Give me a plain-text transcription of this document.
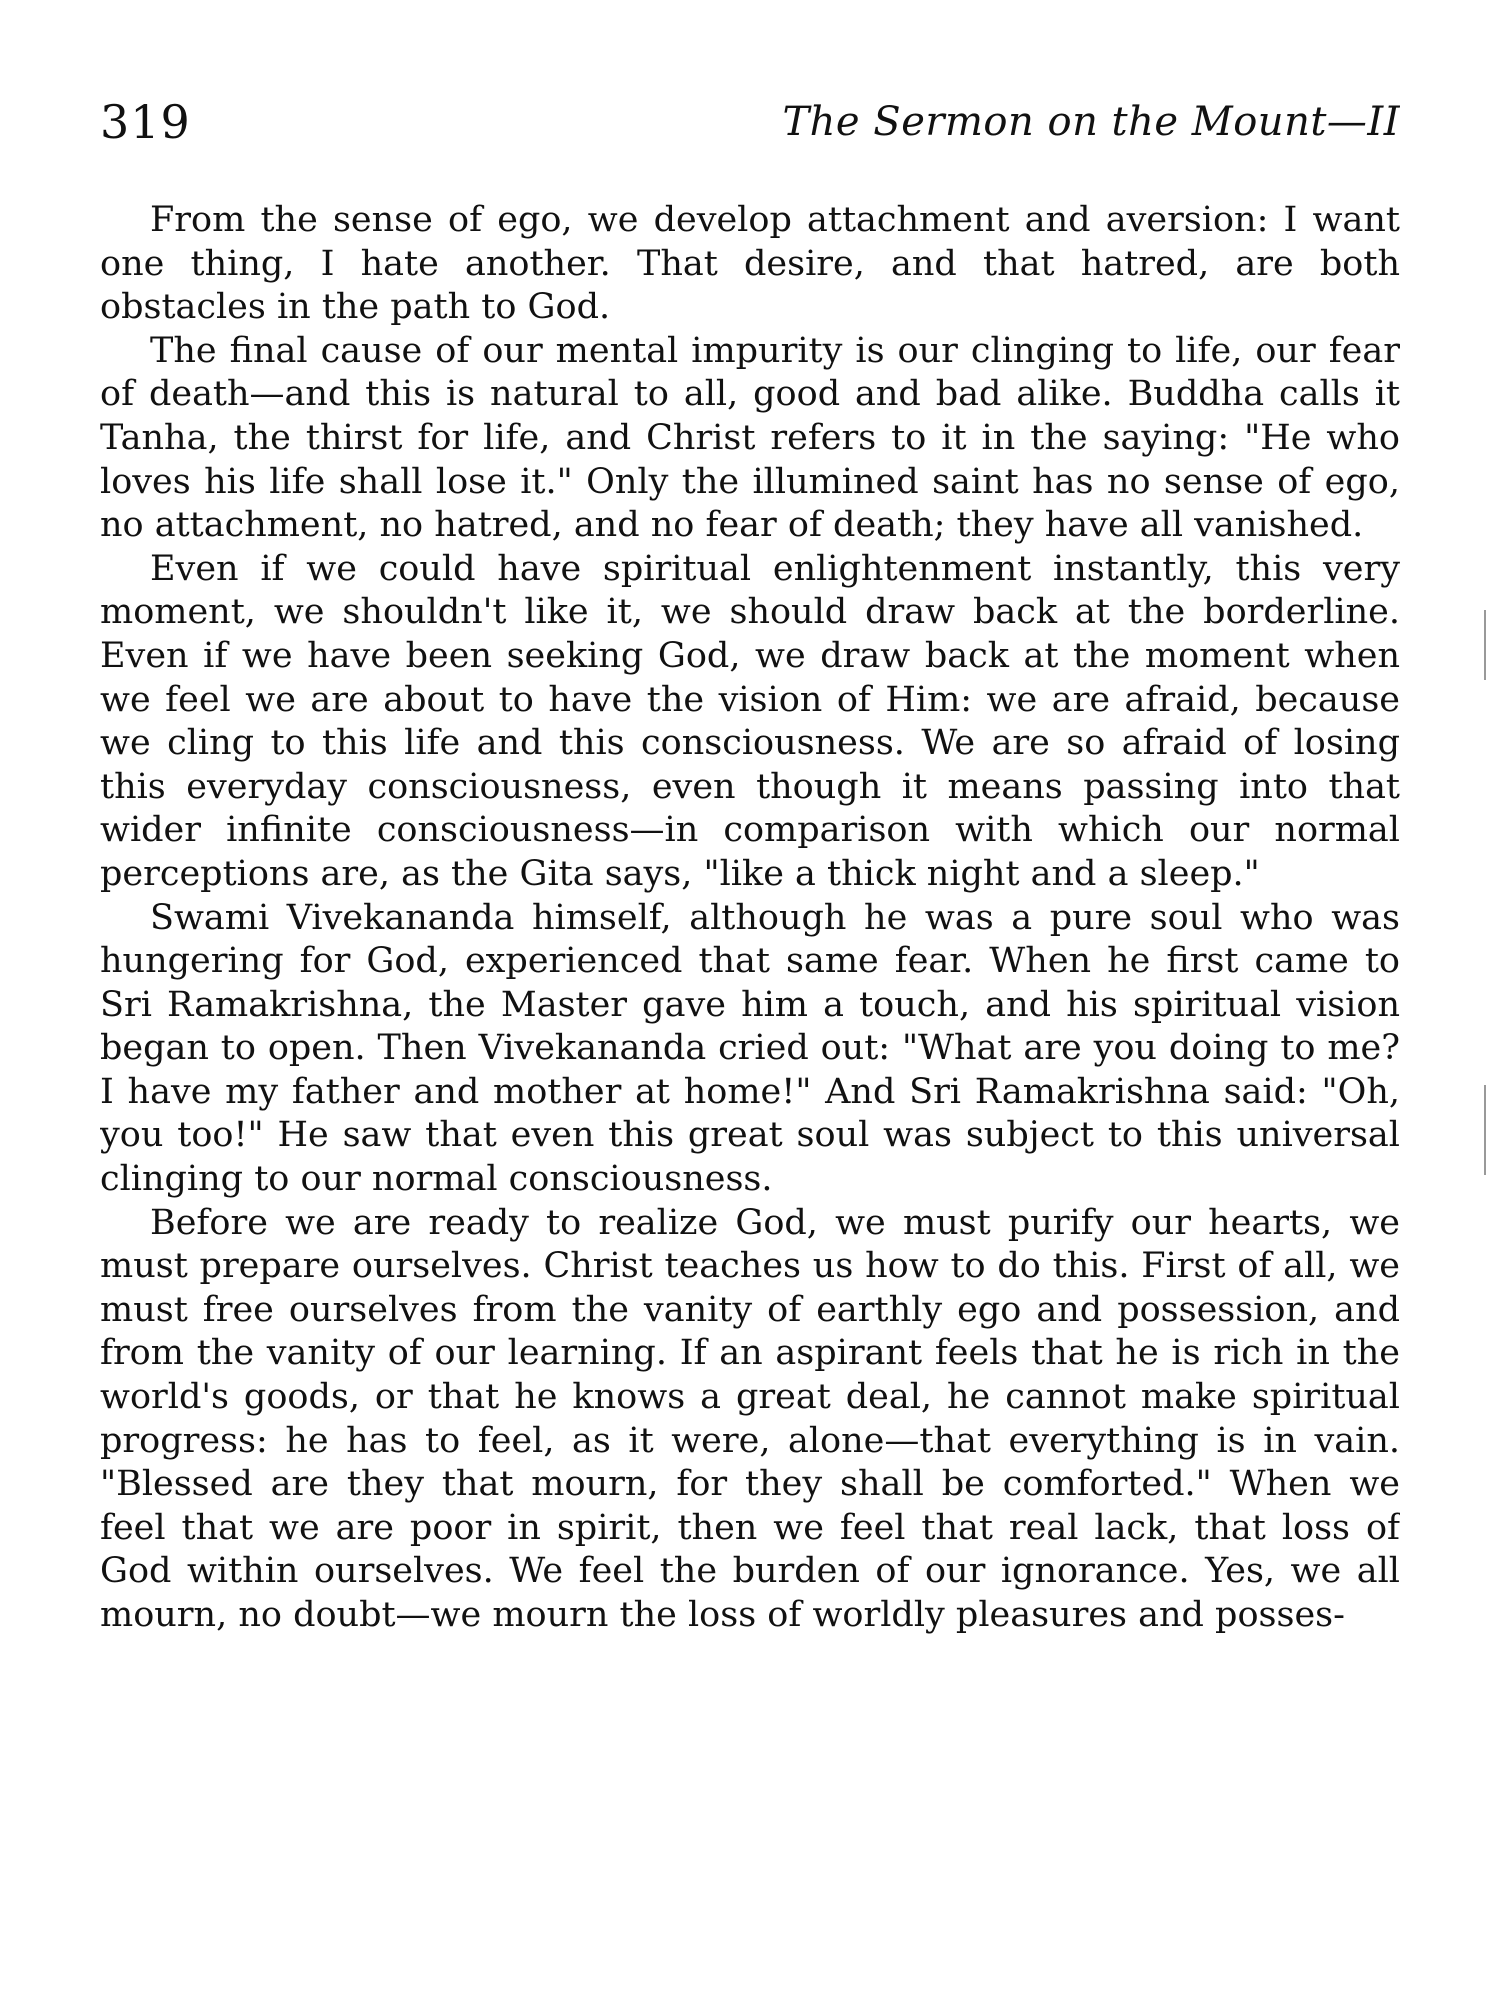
319	The Sermon on the Mount—II

From the sense of ego, we develop attachment and aversion: I want one thing, I hate another. That desire, and that hatred, are both obstacles in the path to God.

The final cause of our mental impurity is our clinging to life, our fear of death—and this is natural to all, good and bad alike. Buddha calls it Tanha, the thirst for life, and Christ refers to it in the saying: "He who loves his life shall lose it." Only the illumined saint has no sense of ego, no attachment, no hatred, and no fear of death; they have all vanished.

Even if we could have spiritual enlightenment instantly, this very moment, we shouldn't like it, we should draw back at the borderline. Even if we have been seeking God, we draw back at the moment when we feel we are about to have the vision of Him: we are afraid, because we cling to this life and this consciousness. We are so afraid of losing this everyday consciousness, even though it means passing into that wider infinite consciousness—in comparison with which our normal perceptions are, as the Gita says, "like a thick night and a sleep."

Swami Vivekananda himself, although he was a pure soul who was hungering for God, experienced that same fear. When he first came to Sri Ramakrishna, the Master gave him a touch, and his spiritual vision began to open. Then Vivekananda cried out: "What are you doing to me? I have my father and mother at home!" And Sri Ramakrishna said: "Oh, you too!" He saw that even this great soul was subject to this universal clinging to our normal consciousness.

Before we are ready to realize God, we must purify our hearts, we must prepare ourselves. Christ teaches us how to do this. First of all, we must free ourselves from the vanity of earthly ego and possession, and from the vanity of our learning. If an aspirant feels that he is rich in the world's goods, or that he knows a great deal, he cannot make spiritual progress: he has to feel, as it were, alone—that everything is in vain. "Blessed are they that mourn, for they shall be comforted." When we feel that we are poor in spirit, then we feel that real lack, that loss of God within ourselves. We feel the burden of our ignorance. Yes, we all mourn, no doubt—we mourn the loss of worldly pleasures and posses-
